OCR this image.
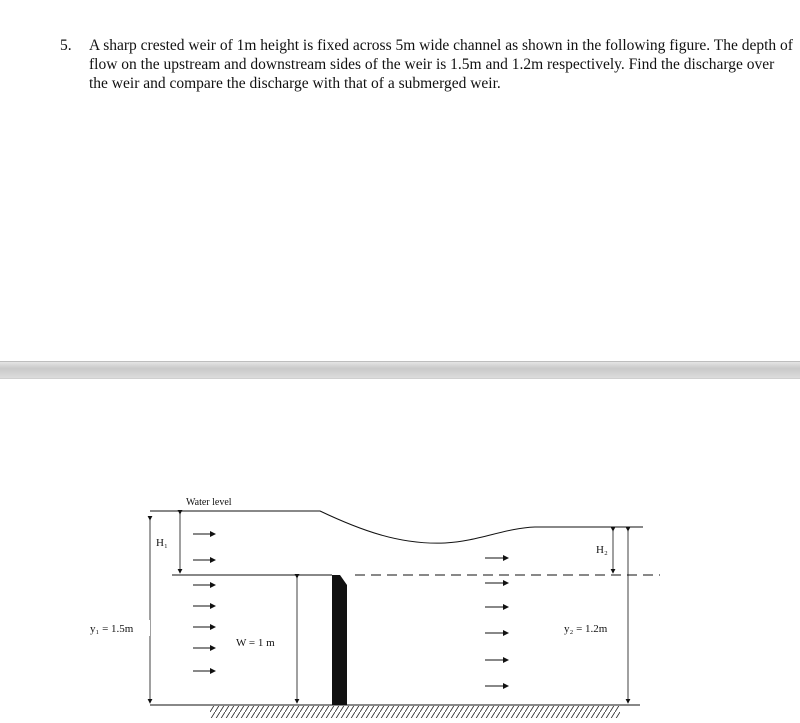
5. A sharp crested weir of 1m height is fixed across 5m wide channel as shown in the following figure. The depth of flow on the upstream and downstream sides of the weir is 1.5m and 1.2m respectively. Find the discharge over the weir and compare the discharge with that of a submerged weir.
Water level
y₁ = 1.5m
H₁
W = 1 m
H₂
y₂ = 1.2m
